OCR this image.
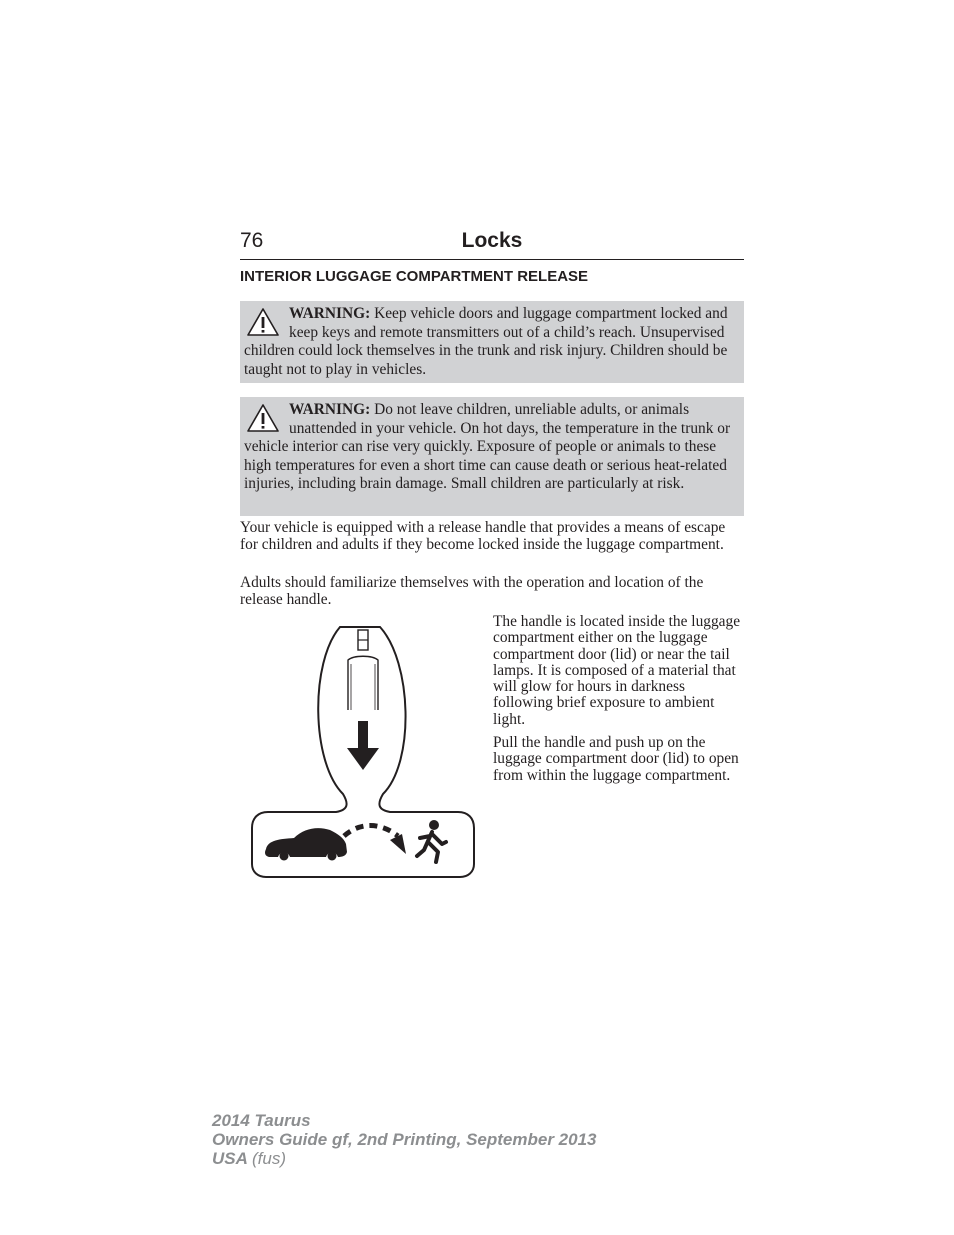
76	Locks
INTERIOR LUGGAGE COMPARTMENT RELEASE
WARNING: Keep vehicle doors and luggage compartment locked and keep keys and remote transmitters out of a child’s reach. Unsupervised children could lock themselves in the trunk and risk injury. Children should be taught not to play in vehicles.
WARNING: Do not leave children, unreliable adults, or animals unattended in your vehicle. On hot days, the temperature in the trunk or vehicle interior can rise very quickly. Exposure of people or animals to these high temperatures for even a short time can cause death or serious heat-related injuries, including brain damage. Small children are particularly at risk.
Your vehicle is equipped with a release handle that provides a means of escape for children and adults if they become locked inside the luggage compartment.
Adults should familiarize themselves with the operation and location of the release handle.
The handle is located inside the luggage compartment either on the luggage compartment door (lid) or near the tail lamps. It is composed of a material that will glow for hours in darkness following brief exposure to ambient light.
Pull the handle and push up on the luggage compartment door (lid) to open from within the luggage compartment.
2014 Taurus
Owners Guide gf, 2nd Printing, September 2013
USA (fus)
